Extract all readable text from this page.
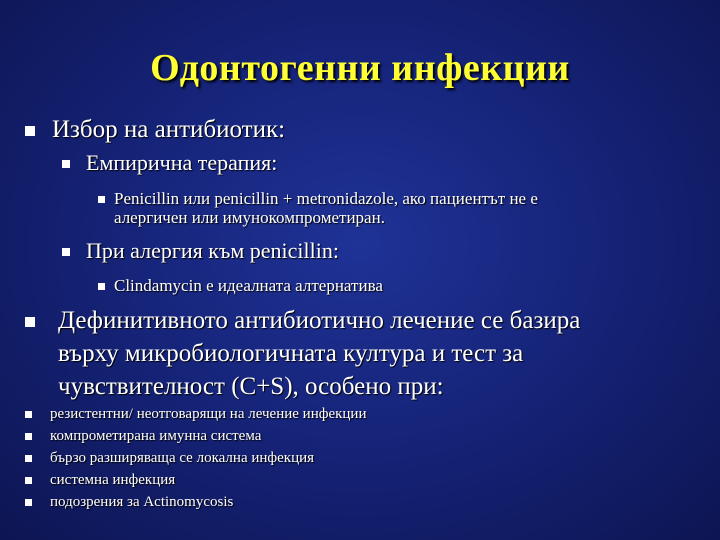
Одонтогенни инфекции
Избор на антибиотик:
Емпирична терапия:
Penicillin или penicillin + metronidazole, ако пациентът не е
алергичен или имунокомпрометиран.
При алергия към penicillin:
Clindamycin е идеалната алтернатива
Дефинитивното антибиотично лечение се базира
върху микробиологичната култура и тест за
чувствителност (C+S), особено при:
резистентни/ неотговарящи на лечение инфекции
компрометирана имунна система
бързо разширяваща се локална инфекция
системна инфекция
подозрения за Actinomycosis
